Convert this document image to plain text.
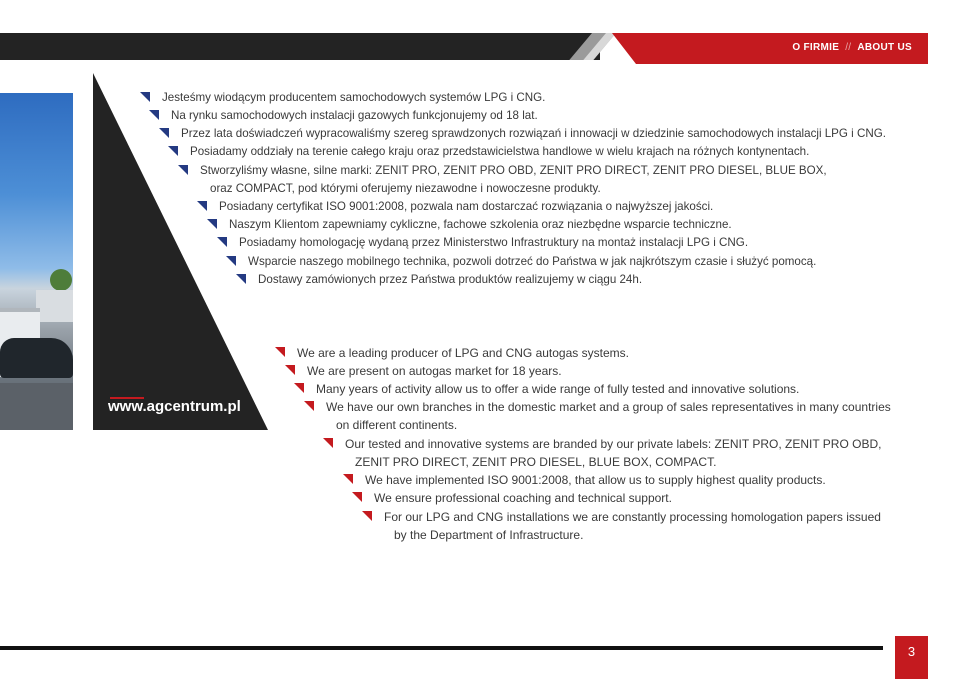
O FIRMIE // ABOUT US
www.agcentrum.pl
Jesteśmy wiodącym producentem samochodowych systemów LPG i CNG.
Na rynku samochodowych instalacji gazowych funkcjonujemy od 18 lat.
Przez lata doświadczeń wypracowaliśmy szereg sprawdzonych rozwiązań i innowacji w dziedzinie samochodowych instalacji LPG i CNG.
Posiadamy oddziały na terenie całego kraju oraz przedstawicielstwa handlowe w wielu krajach na różnych kontynentach.
Stworzyliśmy własne, silne marki: ZENIT PRO, ZENIT PRO OBD, ZENIT PRO DIRECT, ZENIT PRO DIESEL, BLUE BOX,
oraz COMPACT, pod którymi oferujemy niezawodne i nowoczesne produkty.
Posiadany certyfikat ISO 9001:2008, pozwala nam dostarczać rozwiązania o najwyższej jakości.
Naszym Klientom zapewniamy cykliczne, fachowe szkolenia oraz niezbędne wsparcie techniczne.
Posiadamy homologację wydaną przez Ministerstwo Infrastruktury na montaż instalacji LPG i CNG.
Wsparcie naszego mobilnego technika, pozwoli dotrzeć do Państwa w jak najkrótszym czasie i służyć pomocą.
Dostawy zamówionych przez Państwa produktów realizujemy w ciągu 24h.
We are a leading producer of LPG and CNG autogas systems.
We are present on autogas market for 18 years.
Many years of activity allow us to offer a wide range of fully tested and innovative solutions.
We have our own branches in the domestic market and a group of sales representatives in many countries
on different continents.
Our tested and innovative systems are branded by our private labels: ZENIT PRO, ZENIT PRO OBD,
ZENIT PRO DIRECT, ZENIT PRO DIESEL, BLUE BOX, COMPACT.
We have implemented ISO 9001:2008, that allow us to supply highest quality products.
We ensure professional coaching and technical support.
For our LPG and CNG installations we are constantly processing homologation papers issued
by the Department of Infrastructure.
3
